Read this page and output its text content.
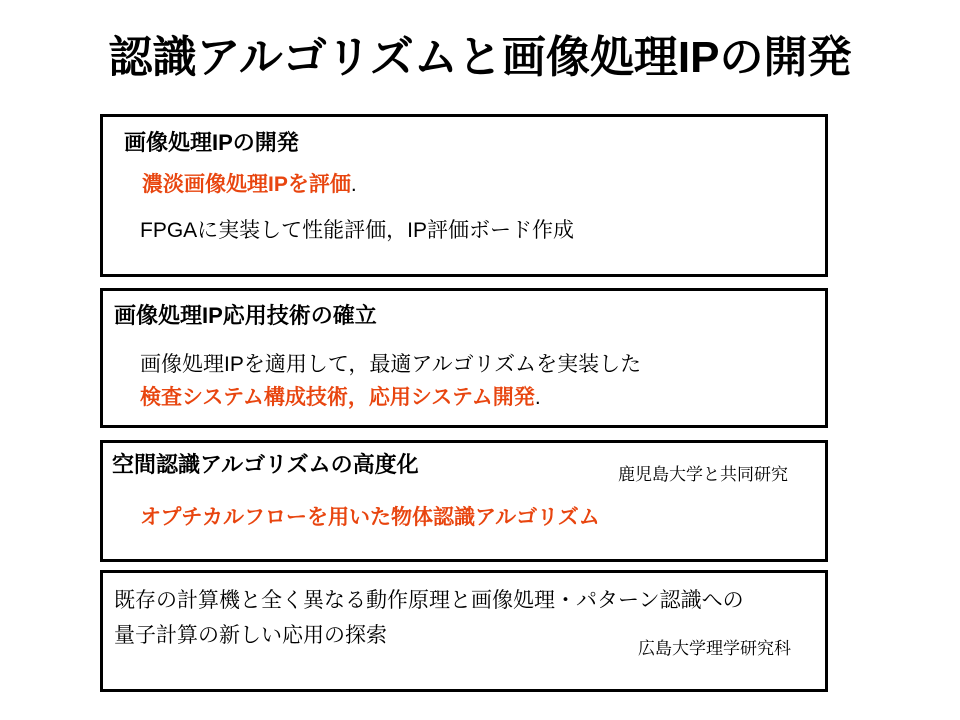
認識アルゴリズムと画像処理IPの開発
画像処理IPの開発
濃淡画像処理IPを評価.
FPGAに実装して性能評価，IP評価ボード作成
画像処理IP応用技術の確立
画像処理IPを適用して，最適アルゴリズムを実装した
検査システム構成技術，応用システム開発.
空間認識アルゴリズムの高度化	鹿児島大学と共同研究
オプチカルフローを用いた物体認識アルゴリズム
既存の計算機と全く異なる動作原理と画像処理・パターン認識への
量子計算の新しい応用の探索
広島大学理学研究科
